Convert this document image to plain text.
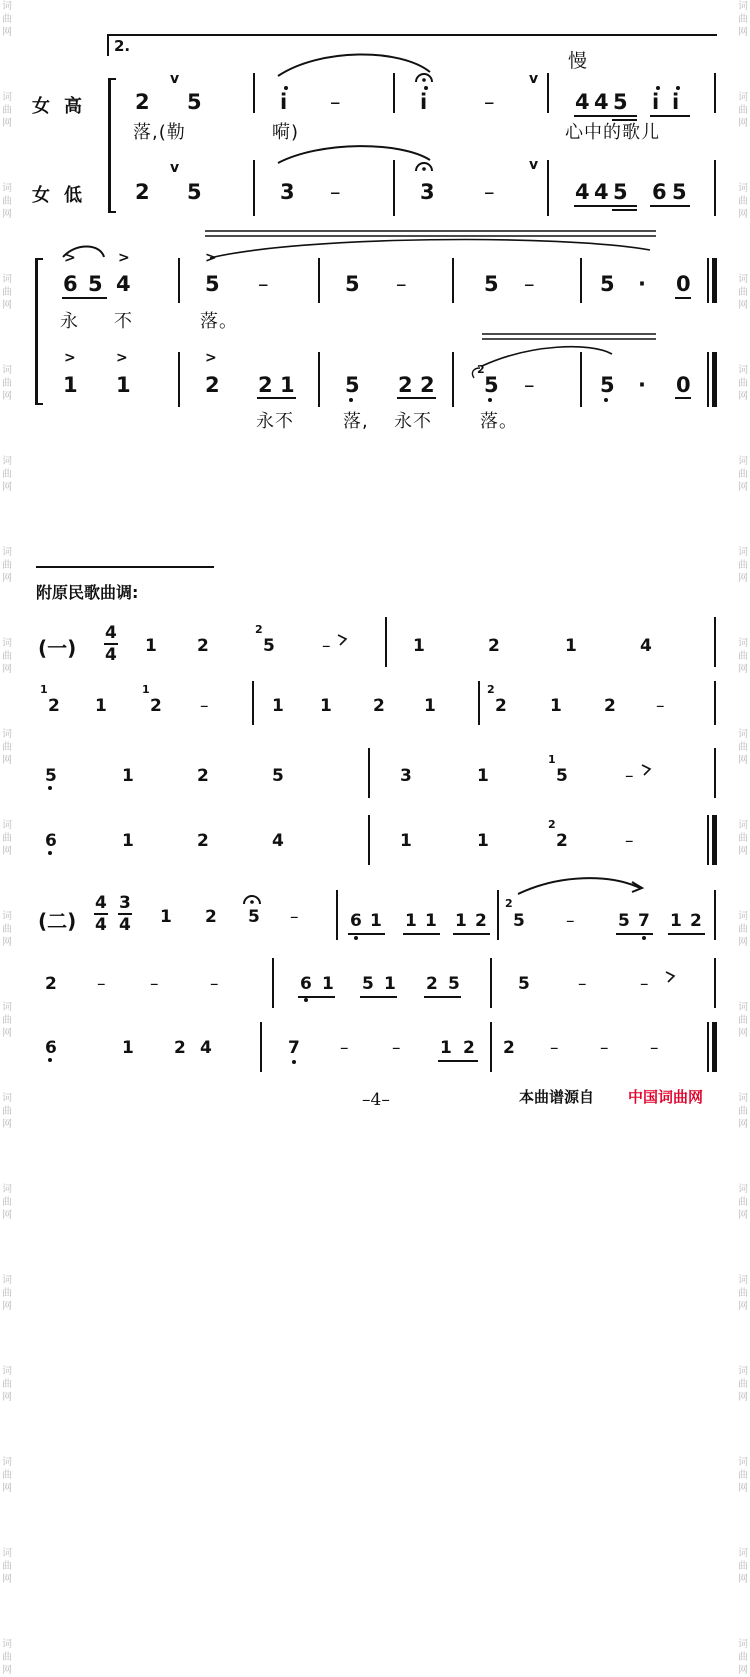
词
曲
网

词
曲
网

词
曲
网

词
曲
网

词
曲
网

词
曲
网

词
曲
网

词
曲
网

词
曲
网

词
曲
网

词
曲
网

词
曲
网

词
曲
网

词
曲
网

词
曲
网

词
曲
网

词
曲
网

词
曲
网

词
曲
网

词
曲
网

词
曲
网

词
曲
网

词
曲
网

词
曲
网

词
曲
网

词
曲
网

词
曲
网

词
曲
网

词
曲
网

词
曲
网

词
曲
网

词
曲
网

词
曲
网

词
曲
网

词
曲
网

词
曲
网

词
曲
网

词
曲
网

2.
慢
女高
女低
2
v
5	i –	i	–
v
4 4 5 i i
落,(勒	嗬)	心中的歌儿
2
v
5	3 –	3 –
v
4 4 5 6 5
6 5 4
>	>	>
5 –	5 –	5 –	5 · 0
永 不	落。
>	>	>
1 1	2 2 1 5 2 2
2
5 –	5 · 0
永不	落, 永不	落。
附原民歌曲调:
(一)
4
4 1 2
2
5	–	1	2	1	4
1
2 1
1
2 –	1 1 2 1
2
2	1 2 –
5	1	2	5	3	1
1
5	–
6	1	2	4	1	1
2
2	–
(二)
4
4
3
4 1 2 5 –	6 1 1 1 1 2
2
5 –	5 7 1 2
2 –	–	–	6 1 5 1 2 5	5	–	–
6	1 2 4	7 –	– 1 2 2 – – –
–4–	本曲谱源自 中国词曲网
